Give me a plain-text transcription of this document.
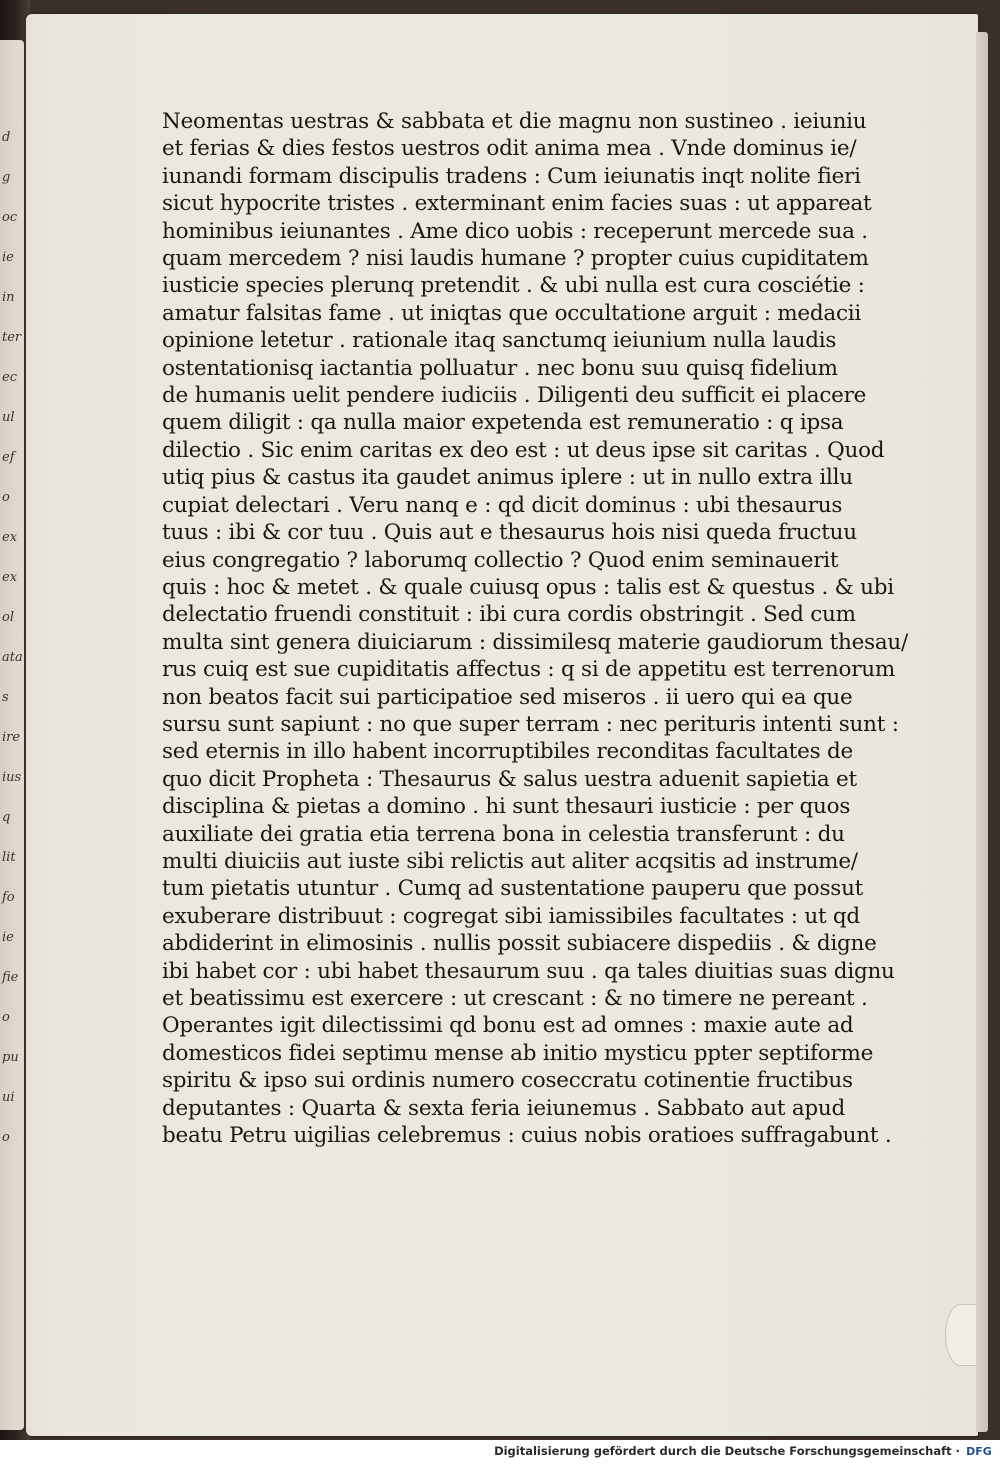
d
g
oc
ie
in
ter
ec
ul
ef
o
ex
ex
ol
ata
s
ire
ius
q
lit
fo
ie
fie
o
pu
ui
o
Neomentas uestras & sabbata et die magnu non sustineo . ieiuniu
et ferias & dies festos uestros odit anima mea . Vnde dominus ie/
iunandi formam discipulis tradens : Cum ieiunatis inqt nolite fieri
sicut hypocrite tristes . exterminant enim facies suas : ut appareat
hominibus ieiunantes . Ame dico uobis : receperunt mercede sua .
quam mercedem ? nisi laudis humane ? propter cuius cupiditatem
iusticie species plerunq pretendit . & ubi nulla est cura cosciétie :
amatur falsitas fame . ut iniqtas que occultatione arguit : medacii
opinione letetur . rationale itaq sanctumq ieiunium nulla laudis
ostentationisq iactantia polluatur . nec bonu suu quisq fidelium
de humanis uelit pendere iudiciis . Diligenti deu sufficit ei placere
quem diligit : qa nulla maior expetenda est remuneratio : q ipsa
dilectio . Sic enim caritas ex deo est : ut deus ipse sit caritas . Quod
utiq pius & castus ita gaudet animus iplere : ut in nullo extra illu
cupiat delectari . Veru nanq e : qd dicit dominus : ubi thesaurus
tuus : ibi & cor tuu . Quis aut e thesaurus hois nisi queda fructuu
eius congregatio ? laborumq collectio ? Quod enim seminauerit
quis : hoc & metet . & quale cuiusq opus : talis est & questus . & ubi
delectatio fruendi constituit : ibi cura cordis obstringit . Sed cum
multa sint genera diuiciarum : dissimilesq materie gaudiorum thesau/
rus cuiq est sue cupiditatis affectus : q si de appetitu est terrenorum
non beatos facit sui participatioe sed miseros . ii uero qui ea que
sursu sunt sapiunt : no que super terram : nec perituris intenti sunt :
sed eternis in illo habent incorruptibiles reconditas facultates de
quo dicit Propheta : Thesaurus & salus uestra aduenit sapietia et
disciplina & pietas a domino . hi sunt thesauri iusticie : per quos
auxiliate dei gratia etia terrena bona in celestia transferunt : du
multi diuiciis aut iuste sibi relictis aut aliter acqsitis ad instrume/
tum pietatis utuntur . Cumq ad sustentatione pauperu que possut
exuberare distribuut : cogregat sibi iamissibiles facultates : ut qd
abdiderint in elimosinis . nullis possit subiacere dispediis . & digne
ibi habet cor : ubi habet thesaurum suu . qa tales diuitias suas dignu
et beatissimu est exercere : ut crescant : & no timere ne pereant .
Operantes igit dilectissimi qd bonu est ad omnes : maxie aute ad
domesticos fidei septimu mense ab initio mysticu ppter septiforme
spiritu & ipso sui ordinis numero coseccratu cotinentie fructibus
deputantes : Quarta & sexta feria ieiunemus . Sabbato aut apud
beatu Petru uigilias celebremus : cuius nobis oratioes suffragabunt .
Digitalisierung gefördert durch die Deutsche Forschungsgemeinschaft · DFG
